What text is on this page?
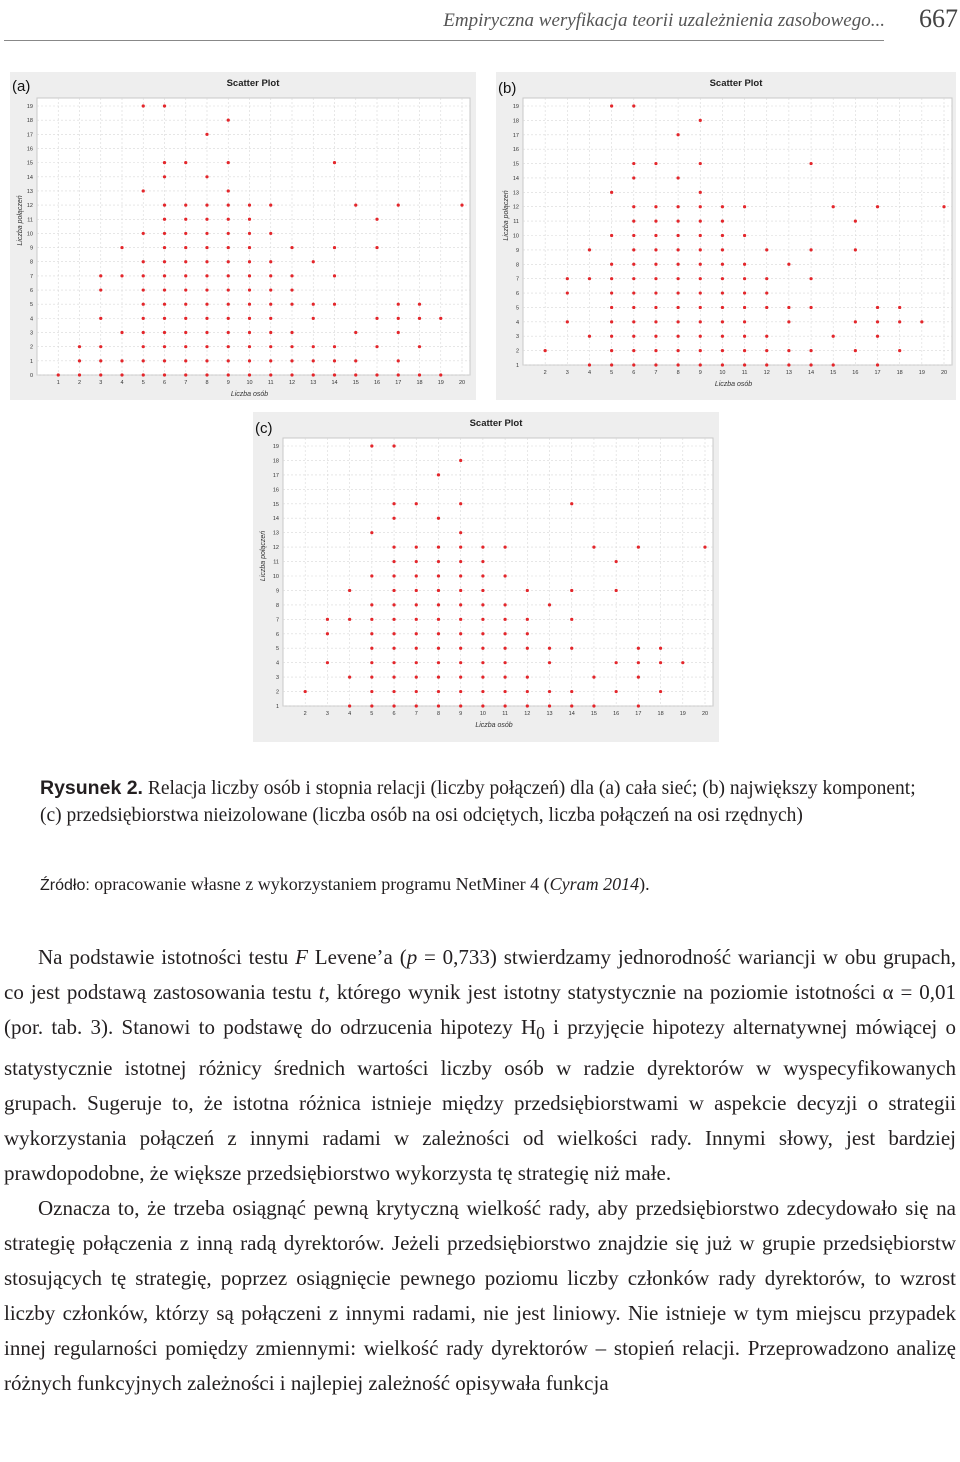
Empiryczna weryfikacja teorii uzależnienia zasobowego... 667
Scatter Plot
0
1
2
3
4
5
6
7
8
9
10
11
12
13
14
15
16
17
18
19
1	2	3	4	5	6	7	8	9	10	11	12	13	14	15	16	17	18	19	20
Liczba osób
Liczba połączeń
(a)	Scatter Plot
1
2
3
4
5
6
7
8
9
10
11
12
13
14
15
16
17
18
19
2	3	4	5	6	7	8	9	10	11	12	13	14	15	16	17	18	19	20
Liczba osób
Liczba połączeń
(b)
Scatter Plot
1
2
3
4
5
6
7
8
9
10
11
12
13
14
15
16
17
18
19
2	3	4	5	6	7	8	9	10	11	12	13	14	15	16	17	18	19	20
Liczba osób
Liczba połączeń
(c)
Rysunek 2. Relacja liczby osób i stopnia relacji (liczby połączeń) dla (a) cała sieć; (b) największy komponent; (c) przedsiębiorstwa nieizolowane (liczba osób na osi odciętych, liczba połączeń na osi rzędnych)
Źródło: opracowanie własne z wykorzystaniem programu NetMiner 4 (Cyram 2014).

Na podstawie istotności testu F Levene’a (p = 0,733) stwierdzamy jednorodność wariancji w obu grupach, co jest podstawą zastosowania testu t, którego wynik jest istotny statystycznie na poziomie istotności α = 0,01 (por. tab. 3). Stanowi to podstawę do odrzucenia hipotezy $H_0$ i przyjęcie hipotezy alternatywnej mówiącej o statystycznie istotnej różnicy średnich wartości liczby osób w radzie dyrektorów w wyspecyfikowanych grupach. Sugeruje to, że istotna różnica istnieje między przedsiębiorstwami w aspekcie decyzji o strategii wykorzystania połączeń z innymi radami w zależności od wielkości rady. Innymi słowy, jest bardziej prawdopodobne, że większe przedsiębiorstwo wykorzysta tę strategię niż małe.

Oznacza to, że trzeba osiągnąć pewną krytyczną wielkość rady, aby przedsiębiorstwo zdecydowało się na strategię połączenia z inną radą dyrektorów. Jeżeli przedsiębiorstwo znajdzie się już w grupie przedsiębiorstw stosujących tę strategię, poprzez osiągnięcie pewnego poziomu liczby członków rady dyrektorów, to wzrost liczby członków, którzy są połączeni z innymi radami, nie jest liniowy. Nie istnieje w tym miejscu przypadek innej regularności pomiędzy zmiennymi: wielkość rady dyrektorów – stopień relacji. Przeprowadzono analizę różnych funkcyjnych zależności i najlepiej zależność opisywała funkcja
